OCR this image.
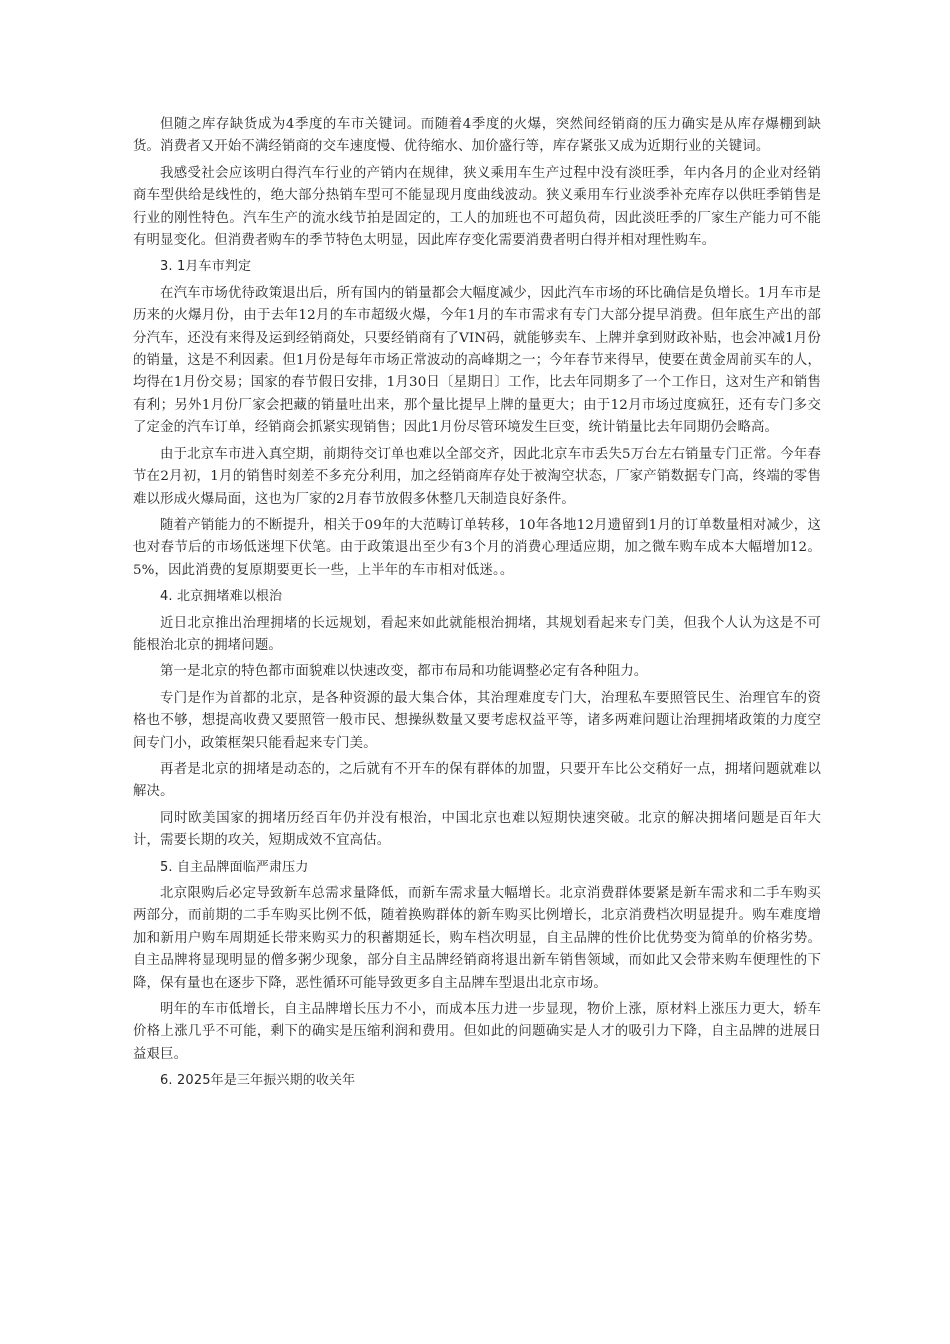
但随之库存缺货成为4季度的车市关键词。而随着4季度的火爆，突然间经销商的压力确实是从库存爆棚到缺货。消费者又开始不满经销商的交车速度慢、优待缩水、加价盛行等，库存紧张又成为近期行业的关键词。

我感受社会应该明白得汽车行业的产销内在规律，狭义乘用车生产过程中没有淡旺季，年内各月的企业对经销商车型供给是线性的，绝大部分热销车型可不能显现月度曲线波动。狭义乘用车行业淡季补充库存以供旺季销售是行业的刚性特色。汽车生产的流水线节拍是固定的，工人的加班也不可超负荷，因此淡旺季的厂家生产能力可不能有明显变化。但消费者购车的季节特色太明显，因此库存变化需要消费者明白得并相对理性购车。

3. 1月车市判定

在汽车市场优待政策退出后，所有国内的销量都会大幅度减少，因此汽车市场的环比确信是负增长。1月车市是历来的火爆月份，由于去年12月的车市超级火爆，今年1月的车市需求有专门大部分提早消费。但年底生产出的部分汽车，还没有来得及运到经销商处，只要经销商有了VIN码，就能够卖车、上牌并拿到财政补贴，也会冲减1月份的销量，这是不利因素。但1月份是每年市场正常波动的高峰期之一；今年春节来得早，使要在黄金周前买车的人，均得在1月份交易；国家的春节假日安排，1月30日〔星期日〕工作，比去年同期多了一个工作日，这对生产和销售有利；另外1月份厂家会把藏的销量吐出来，那个量比提早上牌的量更大；由于12月市场过度疯狂，还有专门多交了定金的汽车订单，经销商会抓紧实现销售；因此1月份尽管环境发生巨变，统计销量比去年同期仍会略高。

由于北京车市进入真空期，前期待交订单也难以全部交齐，因此北京车市丢失5万台左右销量专门正常。今年春节在2月初，1月的销售时刻差不多充分利用，加之经销商库存处于被淘空状态，厂家产销数据专门高，终端的零售难以形成火爆局面，这也为厂家的2月春节放假多休整几天制造良好条件。

随着产销能力的不断提升，相关于09年的大范畴订单转移，10年各地12月遗留到1月的订单数量相对减少，这也对春节后的市场低迷埋下伏笔。由于政策退出至少有3个月的消费心理适应期，加之微车购车成本大幅增加12。5%，因此消费的复原期要更长一些，上半年的车市相对低迷。。

4. 北京拥堵难以根治

近日北京推出治理拥堵的长远规划，看起来如此就能根治拥堵，其规划看起来专门美，但我个人认为这是不可能根治北京的拥堵问题。

第一是北京的特色都市面貌难以快速改变，都市布局和功能调整必定有各种阻力。

专门是作为首都的北京，是各种资源的最大集合体，其治理难度专门大，治理私车要照管民生、治理官车的资格也不够，想提高收费又要照管一般市民、想操纵数量又要考虑权益平等，诸多两难问题让治理拥堵政策的力度空间专门小，政策框架只能看起来专门美。

再者是北京的拥堵是动态的，之后就有不开车的保有群体的加盟，只要开车比公交稍好一点，拥堵问题就难以解决。

同时欧美国家的拥堵历经百年仍并没有根治，中国北京也难以短期快速突破。北京的解决拥堵问题是百年大计，需要长期的攻关，短期成效不宜高估。

5. 自主品牌面临严肃压力

北京限购后必定导致新车总需求量降低，而新车需求量大幅增长。北京消费群体要紧是新车需求和二手车购买两部分，而前期的二手车购买比例不低，随着换购群体的新车购买比例增长，北京消费档次明显提升。购车难度增加和新用户购车周期延长带来购买力的积蓄期延长，购车档次明显，自主品牌的性价比优势变为简单的价格劣势。自主品牌将显现明显的僧多粥少现象，部分自主品牌经销商将退出新车销售领域，而如此又会带来购车便理性的下降，保有量也在逐步下降，恶性循环可能导致更多自主品牌车型退出北京市场。

明年的车市低增长，自主品牌增长压力不小，而成本压力进一步显现，物价上涨，原材料上涨压力更大，轿车价格上涨几乎不可能，剩下的确实是压缩利润和费用。但如此的问题确实是人才的吸引力下降，自主品牌的进展日益艰巨。

6. 2025年是三年振兴期的收关年
